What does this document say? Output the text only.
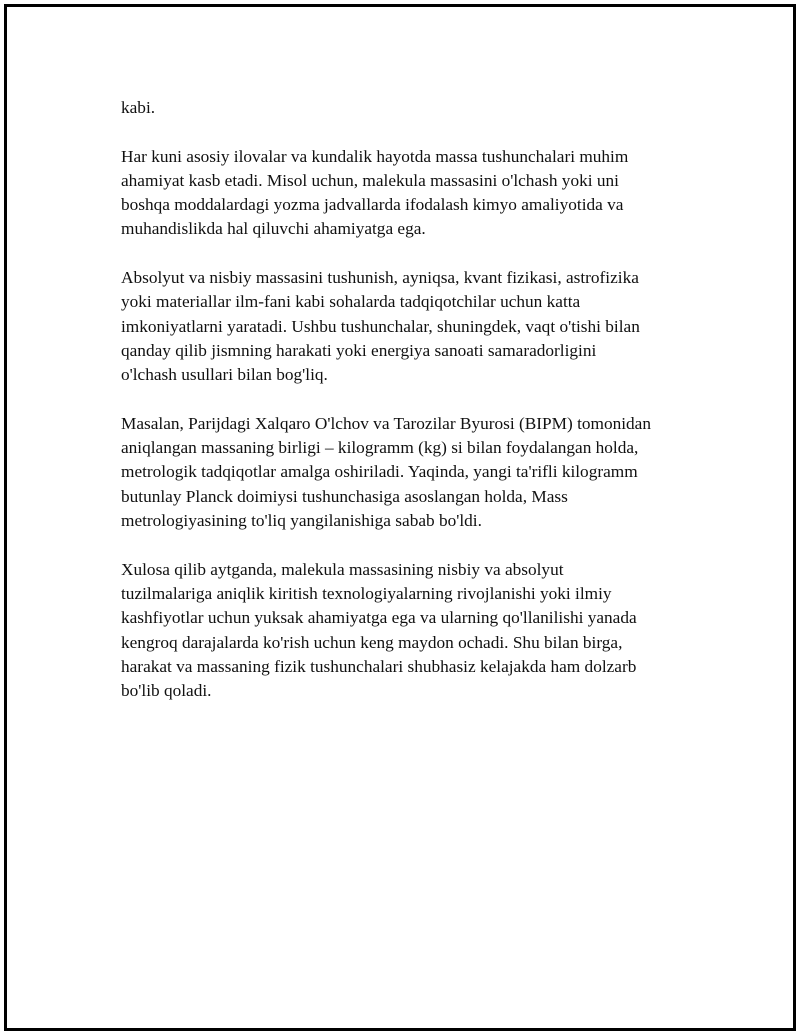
kabi.

Har kuni asosiy ilovalar va kundalik hayotda massa tushunchalari muhim
ahamiyat kasb etadi. Misol uchun, malekula massasini o'lchash yoki uni
boshqa moddalardagi yozma jadvallarda ifodalash kimyo amaliyotida va
muhandislikda hal qiluvchi ahamiyatga ega.

Absolyut va nisbiy massasini tushunish, ayniqsa, kvant fizikasi, astrofizika
yoki materiallar ilm-fani kabi sohalarda tadqiqotchilar uchun katta
imkoniyatlarni yaratadi. Ushbu tushunchalar, shuningdek, vaqt o'tishi bilan
qanday qilib jismning harakati yoki energiya sanoati samaradorligini
o'lchash usullari bilan bog'liq.

Masalan, Parijdagi Xalqaro O'lchov va Tarozilar Byurosi (BIPM) tomonidan
aniqlangan massaning birligi – kilogramm (kg) si bilan foydalangan holda,
metrologik tadqiqotlar amalga oshiriladi. Yaqinda, yangi ta'rifli kilogramm
butunlay Planck doimiysi tushunchasiga asoslangan holda, Mass
metrologiyasining to'liq yangilanishiga sabab bo'ldi.

Xulosa qilib aytganda, malekula massasining nisbiy va absolyut
tuzilmalariga aniqlik kiritish texnologiyalarning rivojlanishi yoki ilmiy
kashfiyotlar uchun yuksak ahamiyatga ega va ularning qo'llanilishi yanada
kengroq darajalarda ko'rish uchun keng maydon ochadi. Shu bilan birga,
harakat va massaning fizik tushunchalari shubhasiz kelajakda ham dolzarb
bo'lib qoladi.
